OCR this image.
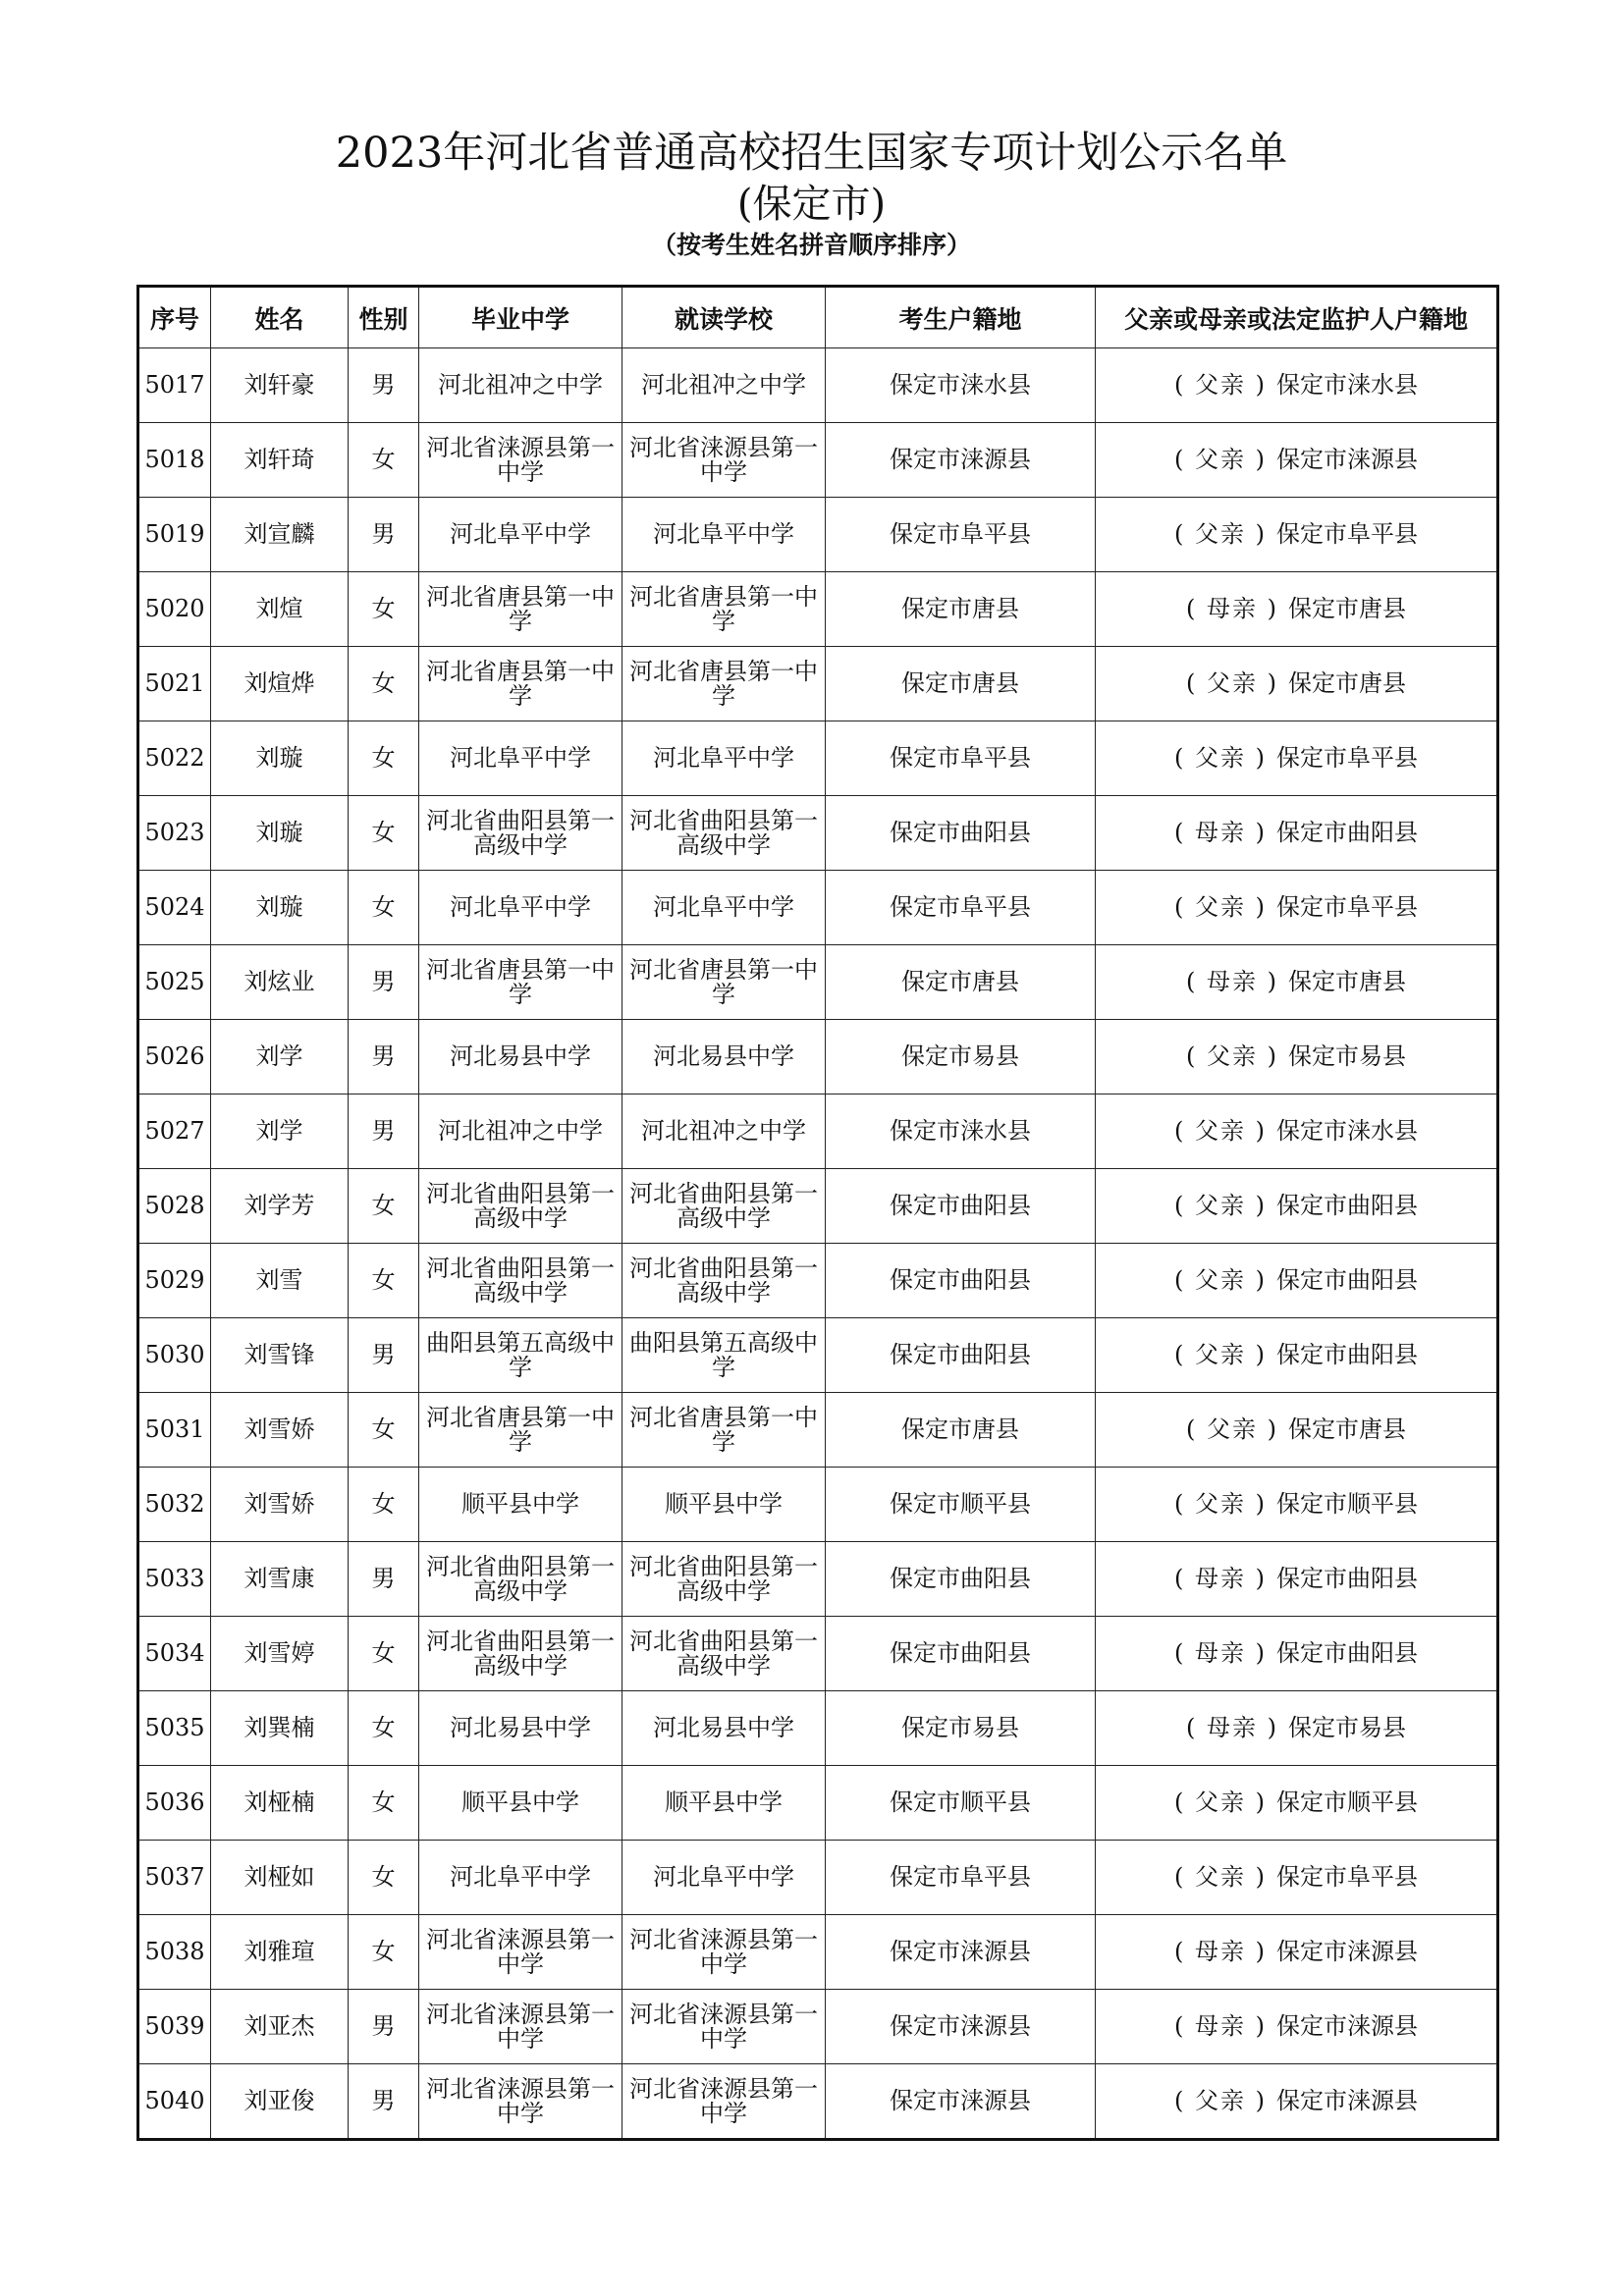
2023年河北省普通高校招生国家专项计划公示名单
(保定市)
（按考生姓名拼音顺序排序）
序号	姓名	性别	毕业中学	就读学校	考生户籍地	父亲或母亲或法定监护人户籍地
5017	刘轩豪	男	河北祖冲之中学	河北祖冲之中学	保定市涞水县	( 父亲 ) 保定市涞水县
5018	刘轩琦	女	河北省涞源县第一中学	河北省涞源县第一中学	保定市涞源县	( 父亲 ) 保定市涞源县
5019	刘宣麟	男	河北阜平中学	河北阜平中学	保定市阜平县	( 父亲 ) 保定市阜平县
5020	刘煊	女	河北省唐县第一中学	河北省唐县第一中学	保定市唐县	( 母亲 ) 保定市唐县
5021	刘煊烨	女	河北省唐县第一中学	河北省唐县第一中学	保定市唐县	( 父亲 ) 保定市唐县
5022	刘璇	女	河北阜平中学	河北阜平中学	保定市阜平县	( 父亲 ) 保定市阜平县
5023	刘璇	女	河北省曲阳县第一高级中学	河北省曲阳县第一高级中学	保定市曲阳县	( 母亲 ) 保定市曲阳县
5024	刘璇	女	河北阜平中学	河北阜平中学	保定市阜平县	( 父亲 ) 保定市阜平县
5025	刘炫业	男	河北省唐县第一中学	河北省唐县第一中学	保定市唐县	( 母亲 ) 保定市唐县
5026	刘学	男	河北易县中学	河北易县中学	保定市易县	( 父亲 ) 保定市易县
5027	刘学	男	河北祖冲之中学	河北祖冲之中学	保定市涞水县	( 父亲 ) 保定市涞水县
5028	刘学芳	女	河北省曲阳县第一高级中学	河北省曲阳县第一高级中学	保定市曲阳县	( 父亲 ) 保定市曲阳县
5029	刘雪	女	河北省曲阳县第一高级中学	河北省曲阳县第一高级中学	保定市曲阳县	( 父亲 ) 保定市曲阳县
5030	刘雪锋	男	曲阳县第五高级中学	曲阳县第五高级中学	保定市曲阳县	( 父亲 ) 保定市曲阳县
5031	刘雪娇	女	河北省唐县第一中学	河北省唐县第一中学	保定市唐县	( 父亲 ) 保定市唐县
5032	刘雪娇	女	顺平县中学	顺平县中学	保定市顺平县	( 父亲 ) 保定市顺平县
5033	刘雪康	男	河北省曲阳县第一高级中学	河北省曲阳县第一高级中学	保定市曲阳县	( 母亲 ) 保定市曲阳县
5034	刘雪婷	女	河北省曲阳县第一高级中学	河北省曲阳县第一高级中学	保定市曲阳县	( 母亲 ) 保定市曲阳县
5035	刘巽楠	女	河北易县中学	河北易县中学	保定市易县	( 母亲 ) 保定市易县
5036	刘桠楠	女	顺平县中学	顺平县中学	保定市顺平县	( 父亲 ) 保定市顺平县
5037	刘桠如	女	河北阜平中学	河北阜平中学	保定市阜平县	( 父亲 ) 保定市阜平县
5038	刘雅瑄	女	河北省涞源县第一中学	河北省涞源县第一中学	保定市涞源县	( 母亲 ) 保定市涞源县
5039	刘亚杰	男	河北省涞源县第一中学	河北省涞源县第一中学	保定市涞源县	( 母亲 ) 保定市涞源县
5040	刘亚俊	男	河北省涞源县第一中学	河北省涞源县第一中学	保定市涞源县	( 父亲 ) 保定市涞源县
